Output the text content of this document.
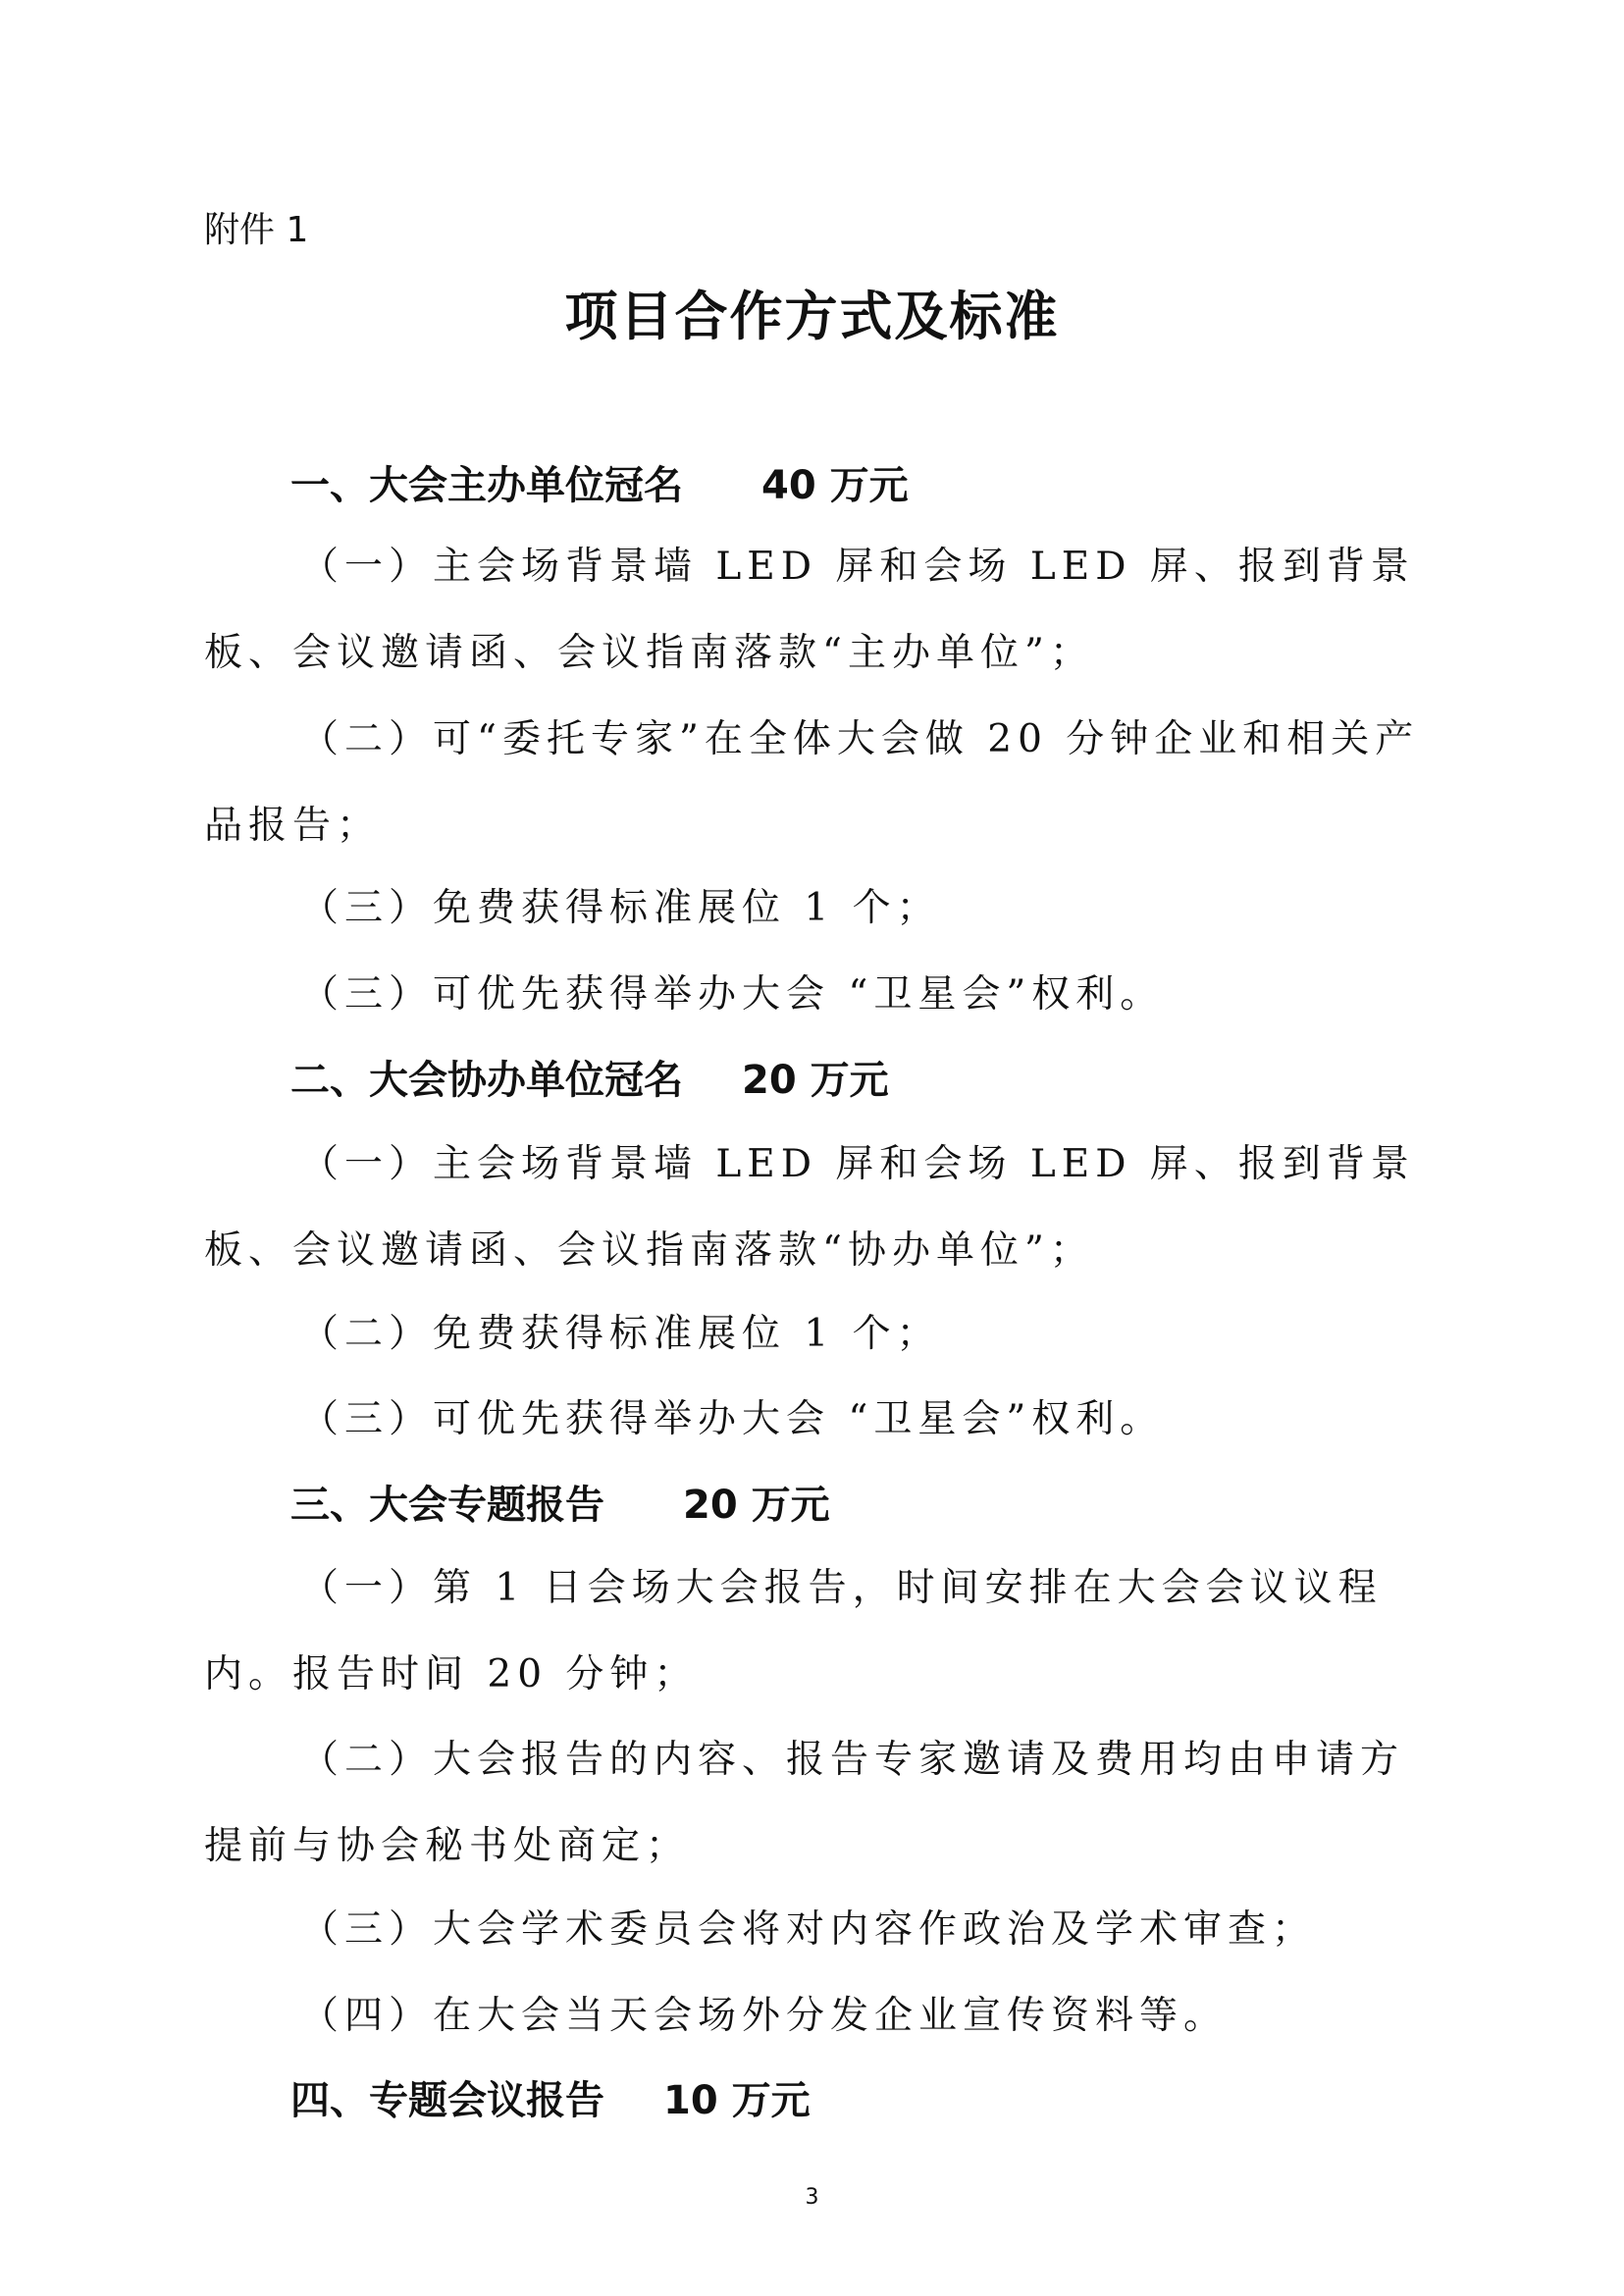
附件 1
项目合作方式及标准
一、大会主办单位冠名 40 万元
（一）主会场背景墙 LED 屏和会场 LED 屏、报到背景板、会议邀请函、会议指南落款“主办单位”；
（二）可“委托专家”在全体大会做 20 分钟企业和相关产品报告；
（三）免费获得标准展位 1 个；
（三）可优先获得举办大会 “卫星会”权利。
二、大会协办单位冠名 20 万元
（一）主会场背景墙 LED 屏和会场 LED 屏、报到背景板、会议邀请函、会议指南落款“协办单位”；
（二）免费获得标准展位 1 个；
（三）可优先获得举办大会 “卫星会”权利。
三、大会专题报告 20 万元
（一）第 1 日会场大会报告，时间安排在大会会议议程内。报告时间 20 分钟；
（二）大会报告的内容、报告专家邀请及费用均由申请方提前与协会秘书处商定；
（三）大会学术委员会将对内容作政治及学术审查；
（四）在大会当天会场外分发企业宣传资料等。
四、专题会议报告 10 万元
3
